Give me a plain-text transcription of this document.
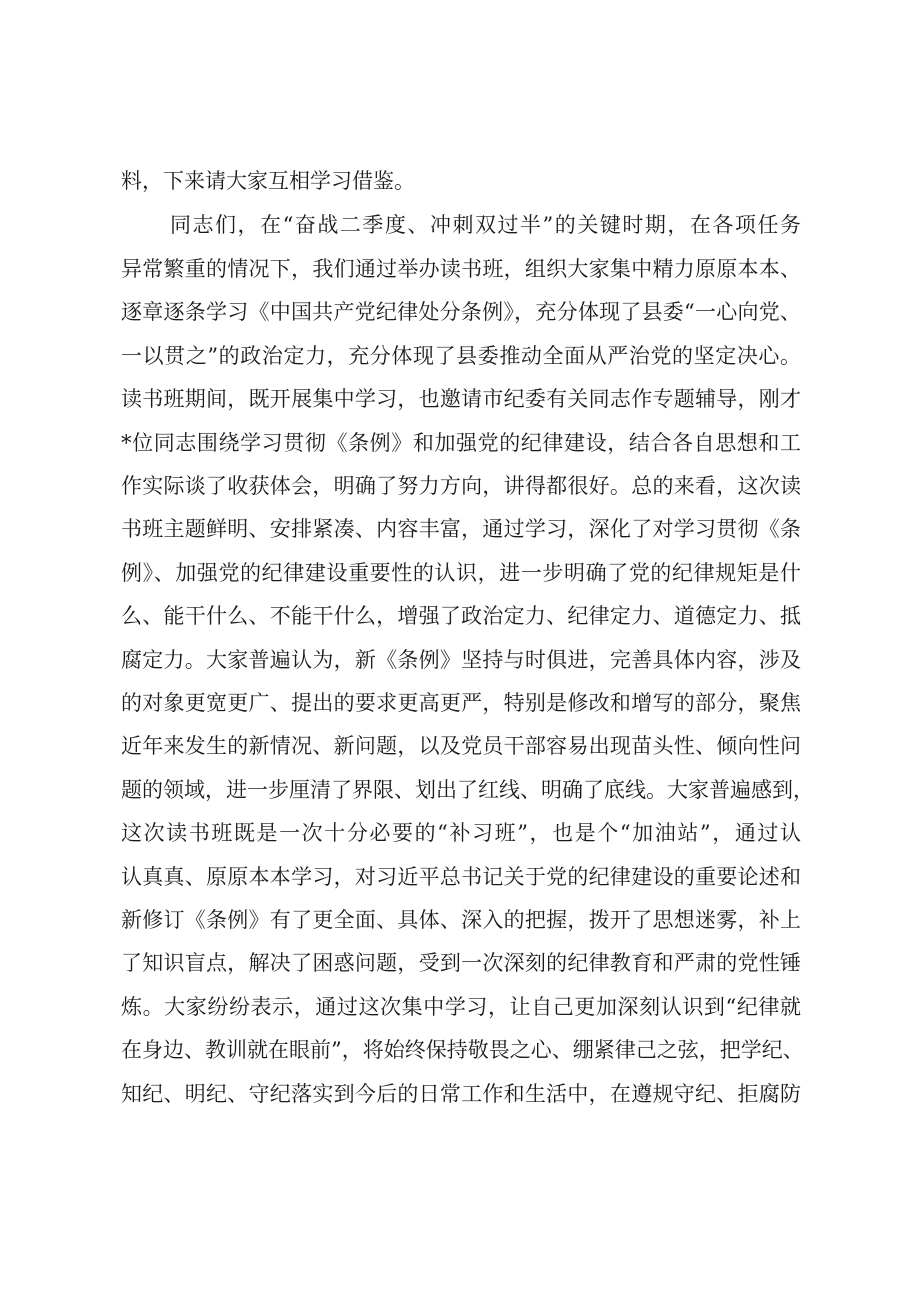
料，下来请大家互相学习借鉴。
同志们，在“奋战二季度、冲刺双过半”的关键时期，在各项任务
异常繁重的情况下，我们通过举办读书班，组织大家集中精力原原本本、
逐章逐条学习《中国共产党纪律处分条例》，充分体现了县委“一心向党、
一以贯之”的政治定力，充分体现了县委推动全面从严治党的坚定决心。
读书班期间，既开展集中学习，也邀请市纪委有关同志作专题辅导，刚才
*位同志围绕学习贯彻《条例》和加强党的纪律建设，结合各自思想和工
作实际谈了收获体会，明确了努力方向，讲得都很好。总的来看，这次读
书班主题鲜明、安排紧凑、内容丰富，通过学习，深化了对学习贯彻《条
例》、加强党的纪律建设重要性的认识，进一步明确了党的纪律规矩是什
么、能干什么、不能干什么，增强了政治定力、纪律定力、道德定力、抵
腐定力。大家普遍认为，新《条例》坚持与时俱进，完善具体内容，涉及
的对象更宽更广、提出的要求更高更严，特别是修改和增写的部分，聚焦
近年来发生的新情况、新问题，以及党员干部容易出现苗头性、倾向性问
题的领域，进一步厘清了界限、划出了红线、明确了底线。大家普遍感到，
这次读书班既是一次十分必要的“补习班”，也是个“加油站”，通过认
认真真、原原本本学习，对习近平总书记关于党的纪律建设的重要论述和
新修订《条例》有了更全面、具体、深入的把握，拨开了思想迷雾，补上
了知识盲点，解决了困惑问题，受到一次深刻的纪律教育和严肃的党性锤
炼。大家纷纷表示，通过这次集中学习，让自己更加深刻认识到“纪律就
在身边、教训就在眼前”，将始终保持敬畏之心、绷紧律己之弦，把学纪、
知纪、明纪、守纪落实到今后的日常工作和生活中，在遵规守纪、拒腐防
